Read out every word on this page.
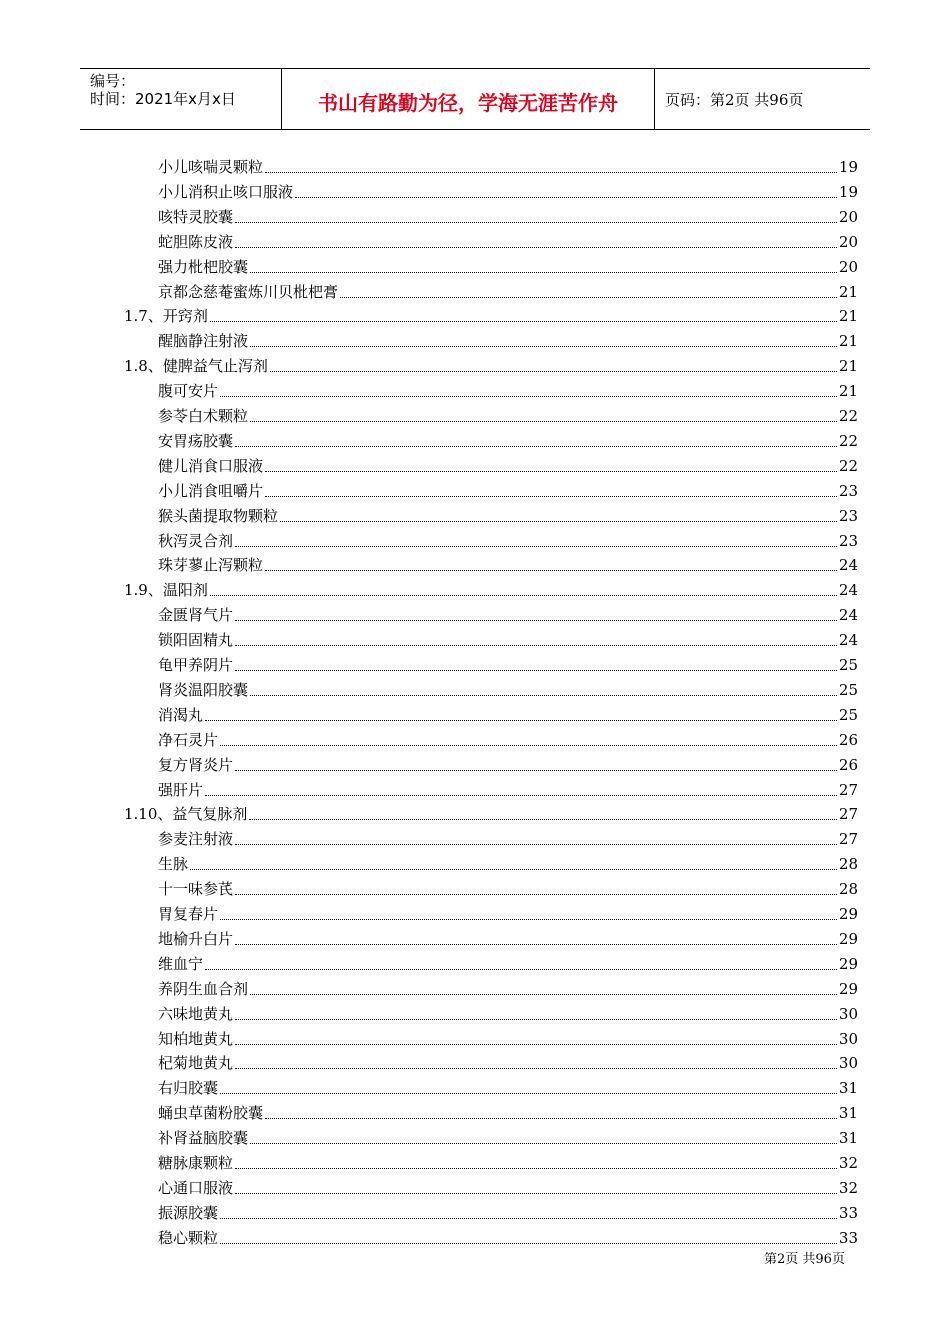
编号：
时间：2021年x月x日	书山有路勤为径，学海无涯苦作舟	页码：第2页 共96页
小儿咳喘灵颗粒	19
小儿消积止咳口服液	19
咳特灵胶囊	20
蛇胆陈皮液	20
强力枇杷胶囊	20
京都念慈菴蜜炼川贝枇杷膏	21
1.7、开窍剂	21
醒脑静注射液	21
1.8、健脾益气止泻剂	21
腹可安片	21
参苓白术颗粒	22
安胃疡胶囊	22
健儿消食口服液	22
小儿消食咀嚼片	23
猴头菌提取物颗粒	23
秋泻灵合剂	23
珠芽蓼止泻颗粒	24
1.9、温阳剂	24
金匮肾气片	24
锁阳固精丸	24
龟甲养阴片	25
肾炎温阳胶囊	25
消渴丸	25
净石灵片	26
复方肾炎片	26
强肝片	27
1.10、益气复脉剂	27
参麦注射液	27
生脉	28
十一味参芪	28
胃复春片	29
地榆升白片	29
维血宁	29
养阴生血合剂	29
六味地黄丸	30
知柏地黄丸	30
杞菊地黄丸	30
右归胶囊	31
蛹虫草菌粉胶囊	31
补肾益脑胶囊	31
糖脉康颗粒	32
心通口服液	32
振源胶囊	33
稳心颗粒	33
第2页 共96页
